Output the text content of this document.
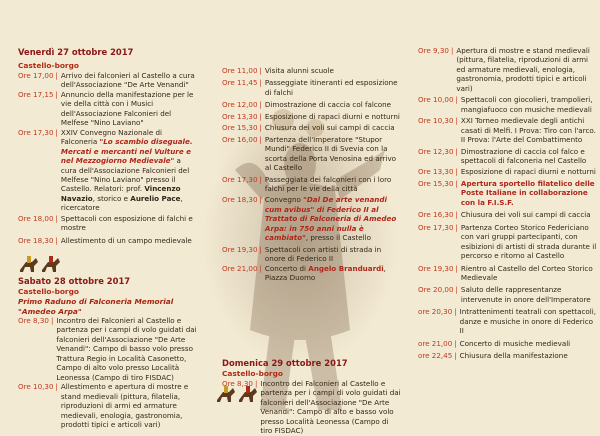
Venerdì 27 ottobre 2017
Castello-borgo
Ore 17,00 | Arrivo dei falconieri al Castello a cura dell'Associazione "De Arte Venandi"
Ore 17,15 | Annuncio della manifestazione per le vie della città con i Musici dell'Associazione Falconieri del Melfese "Nino Laviano"
Ore 17,30 | XXIV Convegno Nazionale di Falconeria "Lo scambio diseguale. Mercati e mercanti nel Vulture e nel Mezzogiorno Medievale" a cura dell'Associazione Falconieri del Melfese "Nino Laviano" presso il Castello. Relatori: prof. Vincenzo Navazio, storico e Aurelio Pace, ricercatore
Ore 18,00 | Spettacoli con esposizione di falchi e mostre
Ore 18,30 | Allestimento di un campo medievale
Sabato 28 ottobre 2017
Castello-borgo
Primo Raduno di Falconeria Memorial "Amedeo Arpa"
Ore 8,30 | Incontro dei Falconieri al Castello e partenza per i campi di volo guidati dai falconieri dell'Associazione "De Arte Venandi": Campo di basso volo presso Trattura Regio in Località Casonetto, Campo di alto volo presso Località Leonessa (Campo di tiro FISDAC)
Ore 10,30 | Allestimento e apertura di mostre e stand medievali (pittura, filatelia, riproduzioni di armi ed armature medievali, enologia, gastronomia, prodotti tipici e articoli vari)
Ore 11,00 | Visita alunni scuole
Ore 11,45 | Passeggiate itineranti ed esposizione di falchi
Ore 12,00 | Dimostrazione di caccia col falcone
Ore 13,30 | Esposizione di rapaci diurni e notturni
Ore 15,30 | Chiusura dei voli sui campi di caccia
Ore 16,00 | Partenza dell'Imperatore "Stupor Mundi" Federico II di Svevia con la scorta della Porta Venosina ed arrivo al Castello
Ore 17,30 | Passeggiata dei falconieri con i loro falchi per le vie della città
Ore 18,30 | Convegno "Dal De arte venandi cum avibus" di Federico II al Trattato di Falconeria di Amedeo Arpa: in 750 anni nulla è cambiato", presso il Castello
Ore 19,30 | Spettacoli con artisti di strada in onore di Federico II
Ore 21,00 | Concerto di Angelo Branduardi, Piazza Duomo
Domenica 29 ottobre 2017
Castello-borgo
Ore 8,30 | Incontro dei Falconieri al Castello e partenza per i campi di volo guidati dai falconieri dell'Associazione "De Arte Venandi": Campo di alto e basso volo presso Località Leonessa (Campo di tiro FISDAC)
Ore 9,30 | Apertura di mostre e stand medievali (pittura, filatelia, riproduzioni di armi ed armature medievali, enologia, gastronomia, prodotti tipici e articoli vari)
Ore 10,00 | Spettacoli con giocolieri, trampolieri, mangiafuoco con musiche medievali
Ore 10,30 | XXI Torneo medievale degli antichi casati di Melfi. I Prova: Tiro con l'arco. II Prova: l'Arte del Combattimento
Ore 12,30 | Dimostrazione di caccia col falco e spettacoli di falconeria nel Castello
Ore 13,30 | Esposizione di rapaci diurni e notturni
Ore 15,30 | Apertura sportello filatelico delle Poste Italiane in collaborazione con la F.I.S.F.
Ore 16,30 | Chiusura dei voli sui campi di caccia
Ore 17,30 | Partenza Corteo Storico Federiciano con vari gruppi partecipanti, con esibizioni di artisti di strada durante il percorso e ritorno al Castello
Ore 19,30 | Rientro al Castello del Corteo Storico Medievale
Ore 20,00 | Saluto delle rappresentanze intervenute in onore dell'Imperatore
ore 20,30 | Intrattenimenti teatrali con spettacoli, danze e musiche in onore di Federico II
ore 21,00 | Concerto di musiche medievali
ore 22,45 | Chiusura della manifestazione
